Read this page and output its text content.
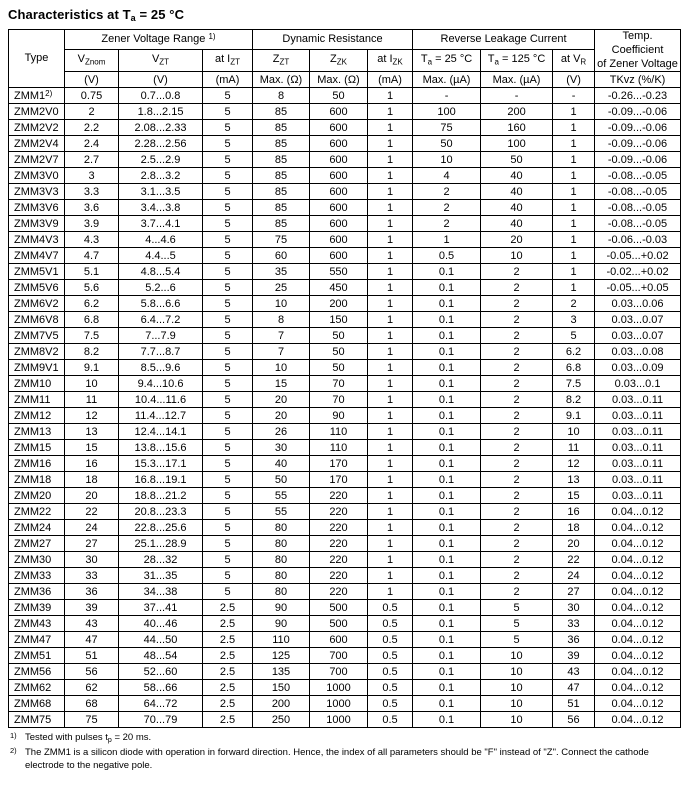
Characteristics at $T_a = 25$ °C
Type	Zener Voltage Range $^{1)}$			Dynamic Resistance			Reverse Leakage Current			Temp. Coefficient
of Zener Voltage
	$V_{Znom}$	$V_{ZT}$	at $I_{ZT}$	$Z_{ZT}$	$Z_{ZK}$	at $I_{ZK}$	$T_a = 25$ °C	$T_a = 125$ °C	at $V_R$
	(V)	(V)	(mA)	Max. (Ω)	Max. (Ω)	(mA)	Max. (µA)	Max. (µA)	(V)	TKvz (%/K)
ZMM1$^{2)}$	0.75	0.7...0.8	5	8	50	1	-	-	-	-0.26...-0.23
ZMM2V0	2	1.8...2.15	5	85	600	1	100	200	1	-0.09...-0.06
ZMM2V2	2.2	2.08...2.33	5	85	600	1	75	160	1	-0.09...-0.06
ZMM2V4	2.4	2.28...2.56	5	85	600	1	50	100	1	-0.09...-0.06
ZMM2V7	2.7	2.5...2.9	5	85	600	1	10	50	1	-0.09...-0.06
ZMM3V0	3	2.8...3.2	5	85	600	1	4	40	1	-0.08...-0.05
ZMM3V3	3.3	3.1...3.5	5	85	600	1	2	40	1	-0.08...-0.05
ZMM3V6	3.6	3.4...3.8	5	85	600	1	2	40	1	-0.08...-0.05
ZMM3V9	3.9	3.7...4.1	5	85	600	1	2	40	1	-0.08...-0.05
ZMM4V3	4.3	4...4.6	5	75	600	1	1	20	1	-0.06...-0.03
ZMM4V7	4.7	4.4...5	5	60	600	1	0.5	10	1	-0.05...+0.02
ZMM5V1	5.1	4.8...5.4	5	35	550	1	0.1	2	1	-0.02...+0.02
ZMM5V6	5.6	5.2...6	5	25	450	1	0.1	2	1	-0.05...+0.05
ZMM6V2	6.2	5.8...6.6	5	10	200	1	0.1	2	2	0.03...0.06
ZMM6V8	6.8	6.4...7.2	5	8	150	1	0.1	2	3	0.03...0.07
ZMM7V5	7.5	7...7.9	5	7	50	1	0.1	2	5	0.03...0.07
ZMM8V2	8.2	7.7...8.7	5	7	50	1	0.1	2	6.2	0.03...0.08
ZMM9V1	9.1	8.5...9.6	5	10	50	1	0.1	2	6.8	0.03...0.09
ZMM10	10	9.4...10.6	5	15	70	1	0.1	2	7.5	0.03...0.1
ZMM11	11	10.4...11.6	5	20	70	1	0.1	2	8.2	0.03...0.11
ZMM12	12	11.4...12.7	5	20	90	1	0.1	2	9.1	0.03...0.11
ZMM13	13	12.4...14.1	5	26	110	1	0.1	2	10	0.03...0.11
ZMM15	15	13.8...15.6	5	30	110	1	0.1	2	11	0.03...0.11
ZMM16	16	15.3...17.1	5	40	170	1	0.1	2	12	0.03...0.11
ZMM18	18	16.8...19.1	5	50	170	1	0.1	2	13	0.03...0.11
ZMM20	20	18.8...21.2	5	55	220	1	0.1	2	15	0.03...0.11
ZMM22	22	20.8...23.3	5	55	220	1	0.1	2	16	0.04...0.12
ZMM24	24	22.8...25.6	5	80	220	1	0.1	2	18	0.04...0.12
ZMM27	27	25.1...28.9	5	80	220	1	0.1	2	20	0.04...0.12
ZMM30	30	28...32	5	80	220	1	0.1	2	22	0.04...0.12
ZMM33	33	31...35	5	80	220	1	0.1	2	24	0.04...0.12
ZMM36	36	34...38	5	80	220	1	0.1	2	27	0.04...0.12
ZMM39	39	37...41	2.5	90	500	0.5	0.1	5	30	0.04...0.12
ZMM43	43	40...46	2.5	90	500	0.5	0.1	5	33	0.04...0.12
ZMM47	47	44...50	2.5	110	600	0.5	0.1	5	36	0.04...0.12
ZMM51	51	48...54	2.5	125	700	0.5	0.1	10	39	0.04...0.12
ZMM56	56	52...60	2.5	135	700	0.5	0.1	10	43	0.04...0.12
ZMM62	62	58...66	2.5	150	1000	0.5	0.1	10	47	0.04...0.12
ZMM68	68	64...72	2.5	200	1000	0.5	0.1	10	51	0.04...0.12
ZMM75	75	70...79	2.5	250	1000	0.5	0.1	10	56	0.04...0.12
1) Tested with pulses $t_p = 20$ ms.
2) The ZMM1 is a silicon diode with operation in forward direction. Hence, the index of all parameters should be "F" instead of "Z". Connect the cathode electrode to the negative pole.
